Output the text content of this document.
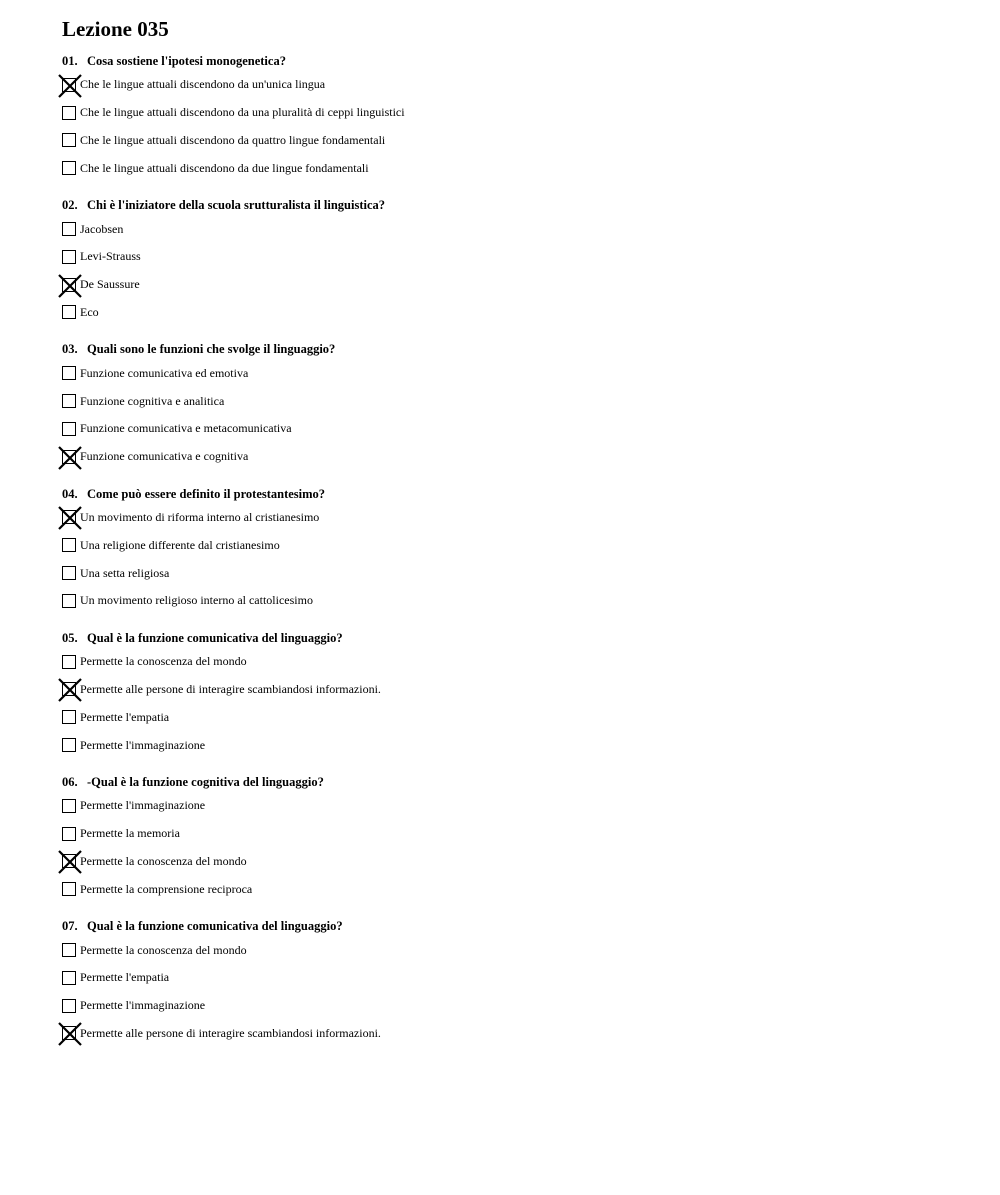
Lezione 035
01. Cosa sostiene l'ipotesi monogenetica?
Che le lingue attuali discendono da un'unica lingua
Che le lingue attuali discendono da una pluralità di ceppi linguistici
Che le lingue attuali discendono da quattro lingue fondamentali
Che le lingue attuali discendono da due lingue fondamentali
02. Chi è l'iniziatore della scuola srutturalista il linguistica?
Jacobsen
Levi-Strauss
De Saussure
Eco
03. Quali sono le funzioni che svolge il linguaggio?
Funzione comunicativa ed emotiva
Funzione cognitiva e analitica
Funzione comunicativa e metacomunicativa
Funzione comunicativa e cognitiva
04. Come può essere definito il protestantesimo?
Un movimento di riforma interno al cristianesimo
Una religione differente dal cristianesimo
Una setta religiosa
Un movimento religioso interno al cattolicesimo
05. Qual è la funzione comunicativa del linguaggio?
Permette la conoscenza del mondo
Permette alle persone di interagire scambiandosi informazioni.
Permette l'empatia
Permette l'immaginazione
06. -Qual è la funzione cognitiva del linguaggio?
Permette l'immaginazione
Permette la memoria
Permette la conoscenza del mondo
Permette la comprensione reciproca
07. Qual è la funzione comunicativa del linguaggio?
Permette la conoscenza del mondo
Permette l'empatia
Permette l'immaginazione
Permette alle persone di interagire scambiandosi informazioni.
